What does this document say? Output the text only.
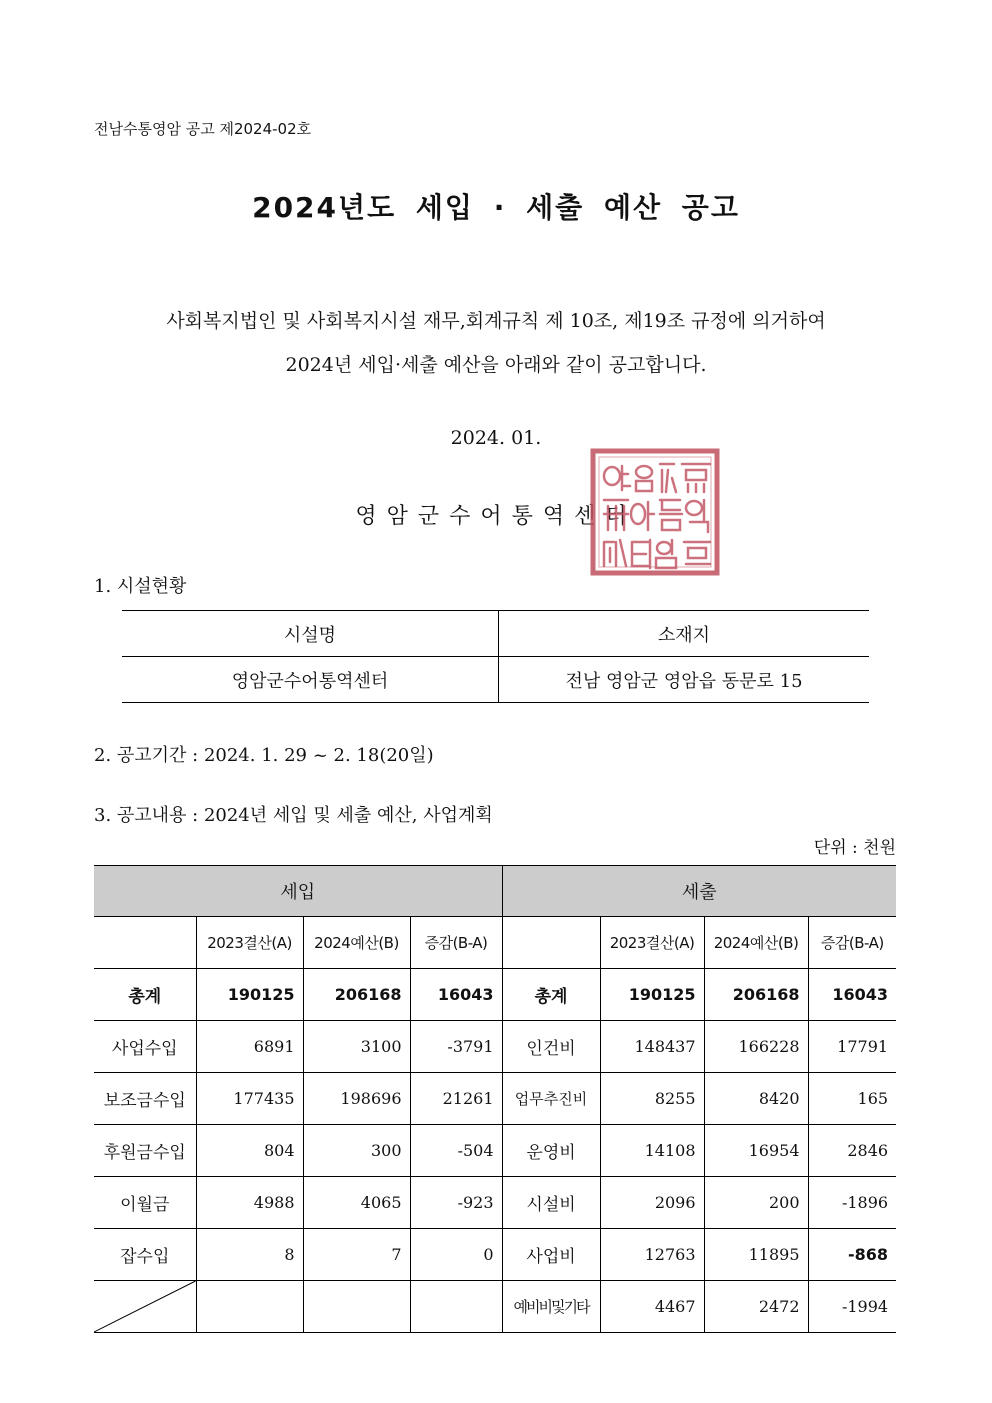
전남수통영암 공고 제2024-02호
2024년도 세입 · 세출 예산 공고
사회복지법인 및 사회복지시설 재무,회계규칙 제 10조, 제19조 규정에 의거하여
2024년 세입·세출 예산을 아래와 같이 공고합니다.
2024. 01.
영암군수어통역센터
1. 시설현황
시설명	소재지
영암군수어통역센터	전남 영암군 영암읍 동문로 15
2. 공고기간 : 2024. 1. 29 ~ 2. 18(20일)
3. 공고내용 : 2024년 세입 및 세출 예산, 사업계획
단위 : 천원
세입				세출			
	2023결산(A)	2024예산(B)	증감(B-A)		2023결산(A)	2024예산(B)	증감(B-A)
총계	190125	206168	16043	총계	190125	206168	16043
사업수입	6891	3100	-3791	인건비	148437	166228	17791
보조금수입	177435	198696	21261	업무추진비	8255	8420	165
후원금수입	804	300	-504	운영비	14108	16954	2846
이월금	4988	4065	-923	시설비	2096	200	-1896
잡수입	8	7	0	사업비	12763	11895	-868

				예비비및기타	4467	2472	-1994
